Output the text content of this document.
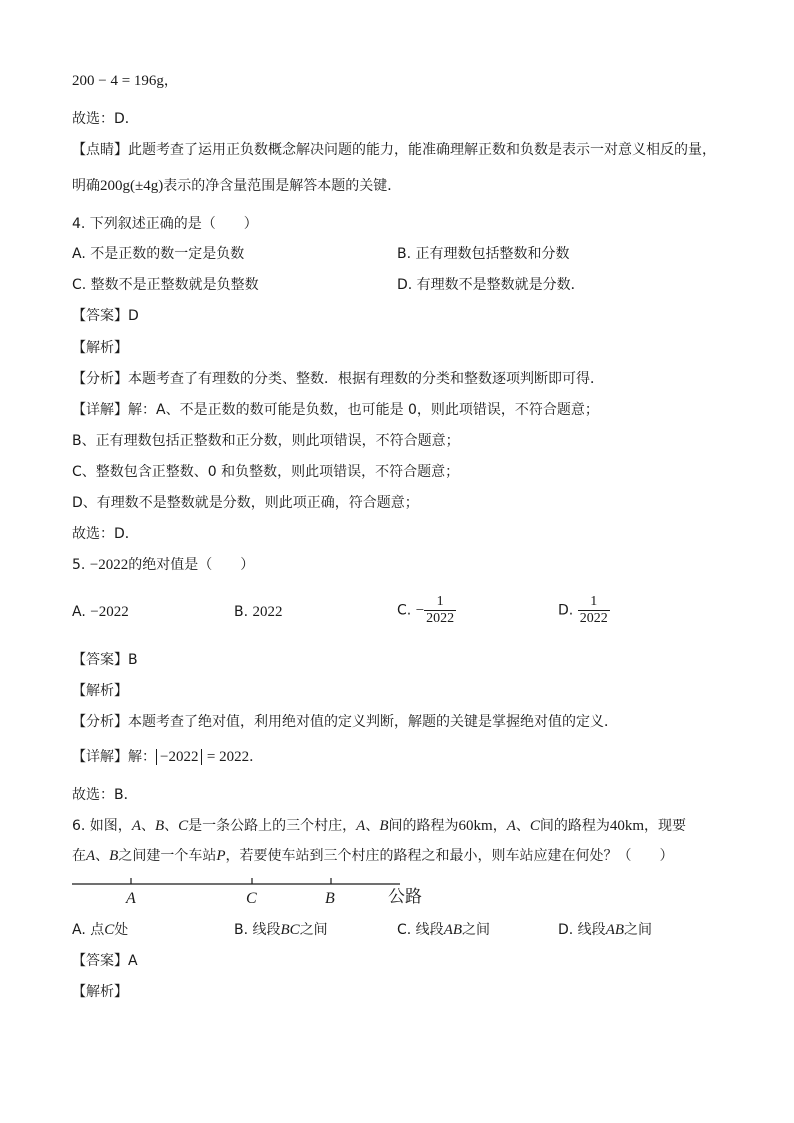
200 − 4 = 196g，
故选：D．
【点睛】此题考查了运用正负数概念解决问题的能力，能准确理解正数和负数是表示一对意义相反的量，
明确200g(±4g)表示的净含量范围是解答本题的关键．
4. 下列叙述正确的是（　　）
A. 不是正数的数一定是负数	B. 正有理数包括整数和分数
C. 整数不是正整数就是负整数	D. 有理数不是整数就是分数．
【答案】D
【解析】
【分析】本题考查了有理数的分类、整数．根据有理数的分类和整数逐项判断即可得．
【详解】解：A、不是正数的数可能是负数，也可能是 0，则此项错误，不符合题意；
B、正有理数包括正整数和正分数，则此项错误，不符合题意；
C、整数包含正整数、0 和负整数，则此项错误，不符合题意；
D、有理数不是整数就是分数，则此项正确，符合题意；
故选：D．
5. −2022的绝对值是（　　）
A. −2022	B. 2022	C. − $\frac{1}{2022}$	D. $\frac{1}{2022}$
【答案】B
【解析】
【分析】本题考查了绝对值，利用绝对值的定义判断，解题的关键是掌握绝对值的定义．
【详解】解： −2022 = 2022．
故选：B．
6. 如图，A、B、C是一条公路上的三个村庄，A、B间的路程为60km，A、C间的路程为40km，现要
在A、B之间建一个车站P，若要使车站到三个村庄的路程之和最小，则车站应建在何处？（　　）
A	C	B	公路
A. 点C处	B. 线段BC之间	C. 线段AB之间	D. 线段AB之间
【答案】A
【解析】
